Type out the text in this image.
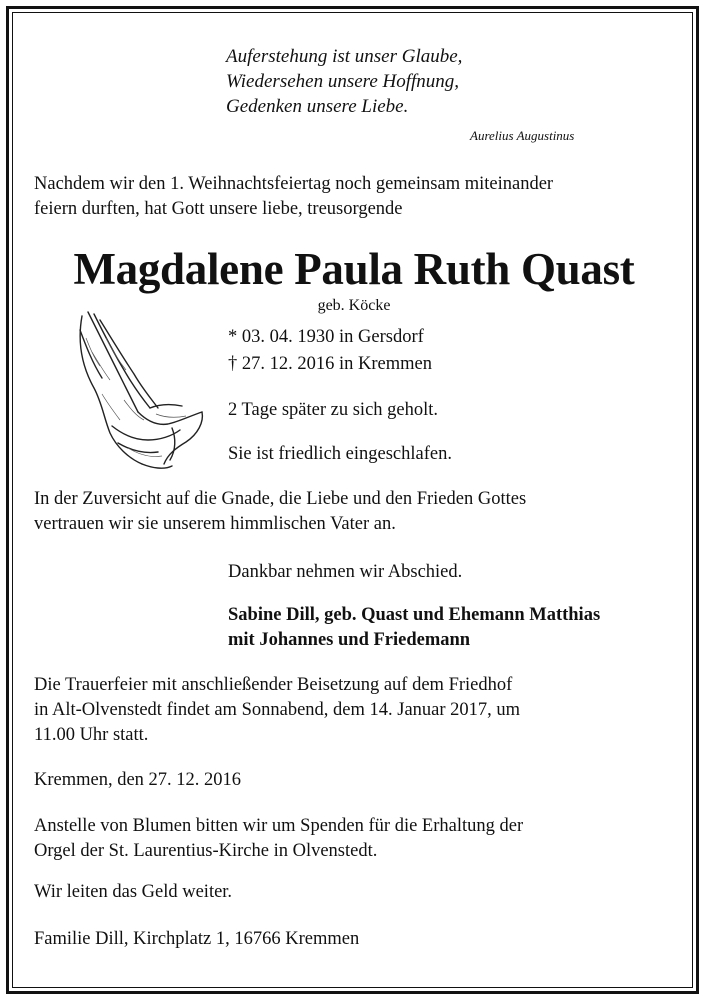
Auferstehung ist unser Glaube,
Wiedersehen unsere Hoffnung,
Gedenken unsere Liebe.
Aurelius Augustinus
Nachdem wir den 1. Weihnachtsfeiertag noch gemeinsam miteinander
feiern durften, hat Gott unsere liebe, treusorgende
Magdalene Paula Ruth Quast
geb. Köcke
* 03. 04. 1930 in Gersdorf
† 27. 12. 2016 in Kremmen
2 Tage später zu sich geholt.
Sie ist friedlich eingeschlafen.
In der Zuversicht auf die Gnade, die Liebe und den Frieden Gottes
vertrauen wir sie unserem himmlischen Vater an.
Dankbar nehmen wir Abschied.
Sabine Dill, geb. Quast und Ehemann Matthias
mit Johannes und Friedemann
Die Trauerfeier mit anschließender Beisetzung auf dem Friedhof
in Alt-Olvenstedt findet am Sonnabend, dem 14. Januar 2017, um
11.00 Uhr statt.
Kremmen, den 27. 12. 2016
Anstelle von Blumen bitten wir um Spenden für die Erhaltung der
Orgel der St. Laurentius-Kirche in Olvenstedt.
Wir leiten das Geld weiter.
Familie Dill, Kirchplatz 1, 16766 Kremmen
